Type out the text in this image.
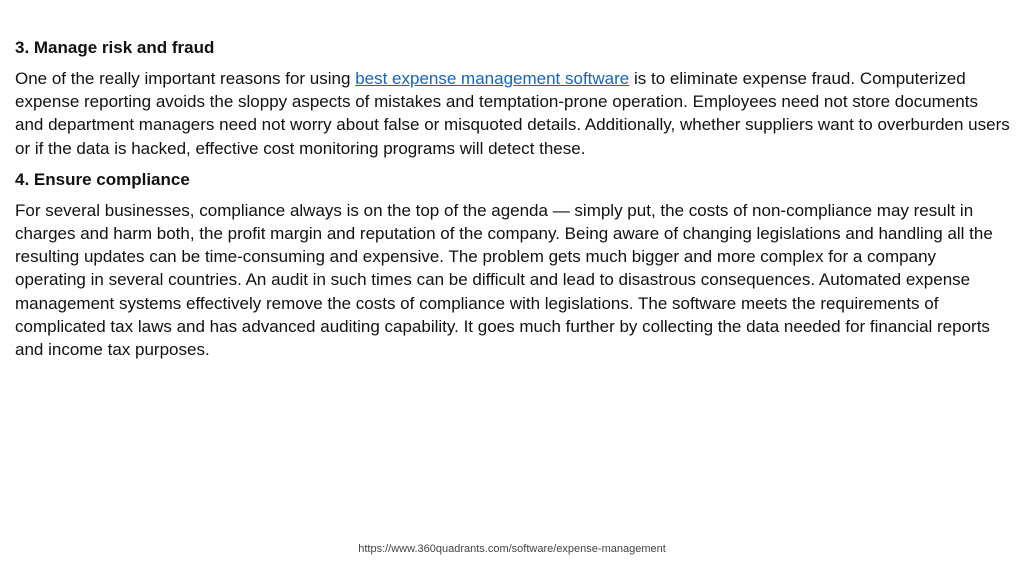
3. Manage risk and fraud

One of the really important reasons for using best expense management software is to eliminate expense fraud. Computerized expense reporting avoids the sloppy aspects of mistakes and temptation-prone operation. Employees need not store documents and department managers need not worry about false or misquoted details. Additionally, whether suppliers want to overburden users or if the data is hacked, effective cost monitoring programs will detect these.

4. Ensure compliance

For several businesses, compliance always is on the top of the agenda — simply put, the costs of non-compliance may result in charges and harm both, the profit margin and reputation of the company. Being aware of changing legislations and handling all the resulting updates can be time-consuming and expensive. The problem gets much bigger and more complex for a company operating in several countries. An audit in such times can be difficult and lead to disastrous consequences. Automated expense management systems effectively remove the costs of compliance with legislations. The software meets the requirements of complicated tax laws and has advanced auditing capability. It goes much further by collecting the data needed for financial reports and income tax purposes.

https://www.360quadrants.com/software/expense-management
